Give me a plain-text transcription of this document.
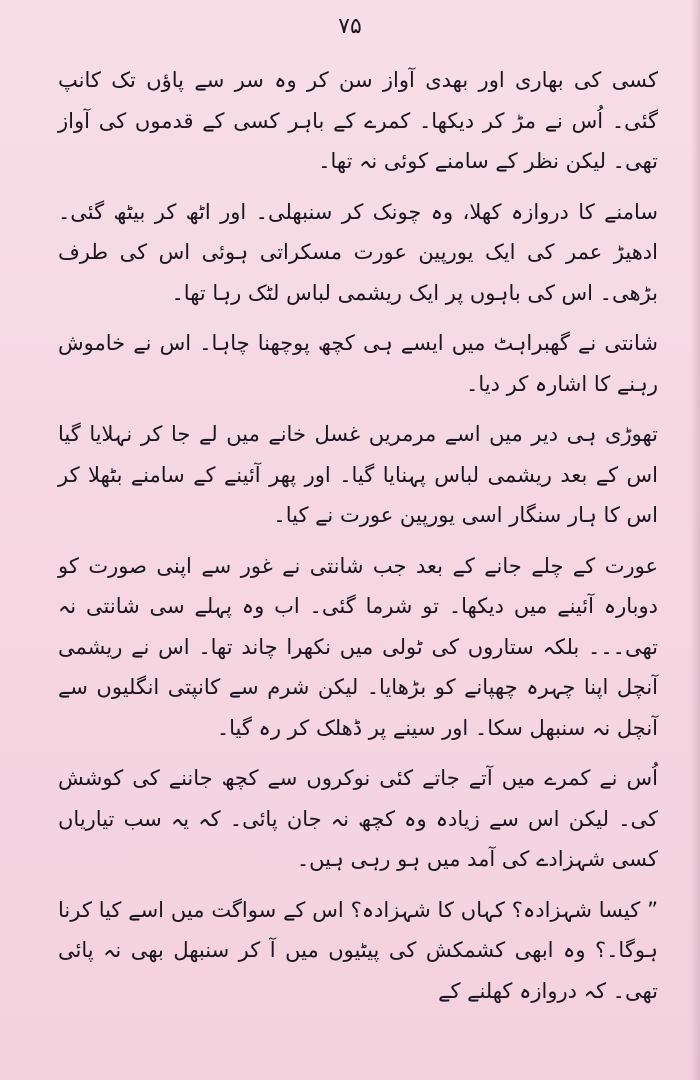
۷۵

کسی کی بھاری اور بھدی آواز سن کر وہ سر سے پاؤں تک کانپ گئی۔ اُس نے مڑ کر دیکھا۔ کمرے کے باہر کسی کے قدموں کی آواز تھی۔ لیکن نظر کے سامنے کوئی نہ تھا۔

سامنے کا دروازہ کھلا، وہ چونک کر سنبھلی۔ اور اٹھ کر بیٹھ گئی۔ ادھیڑ عمر کی ایک یورپین عورت مسکراتی ہوئی اس کی طرف بڑھی۔ اس کی باہوں پر ایک ریشمی لباس لٹک رہا تھا۔

شانتی نے گھبراہٹ میں ایسے ہی کچھ پوچھنا چاہا۔ اس نے خاموش رہنے کا اشارہ کر دیا۔

تھوڑی ہی دیر میں اسے مرمریں غسل خانے میں لے جا کر نہلایا گیا اس کے بعد ریشمی لباس پہنایا گیا۔ اور پھر آئینے کے سامنے بٹھلا کر اس کا ہار سنگار اسی یورپین عورت نے کیا۔

عورت کے چلے جانے کے بعد جب شانتی نے غور سے اپنی صورت کو دوبارہ آئینے میں دیکھا۔ تو شرما گئی۔ اب وہ پہلے سی شانتی نہ تھی۔۔۔ بلکہ ستاروں کی ٹولی میں نکھرا چاند تھا۔ اس نے ریشمی آنچل اپنا چہرہ چھپانے کو بڑھایا۔ لیکن شرم سے کانپتی انگلیوں سے آنچل نہ سنبھل سکا۔ اور سینے پر ڈھلک کر رہ گیا۔

اُس نے کمرے میں آتے جاتے کئی نوکروں سے کچھ جاننے کی کوشش کی۔ لیکن اس سے زیادہ وہ کچھ نہ جان پائی۔ کہ یہ سب تیاریاں کسی شہزادے کی آمد میں ہو رہی ہیں۔

” کیسا شہزادہ؟ کہاں کا شہزادہ؟ اس کے سواگت میں اسے کیا کرنا ہوگا۔؟ وہ ابھی کشمکش کی پیٹیوں میں آ کر سنبھل بھی نہ پائی تھی۔ کہ دروازہ کھلنے کے
